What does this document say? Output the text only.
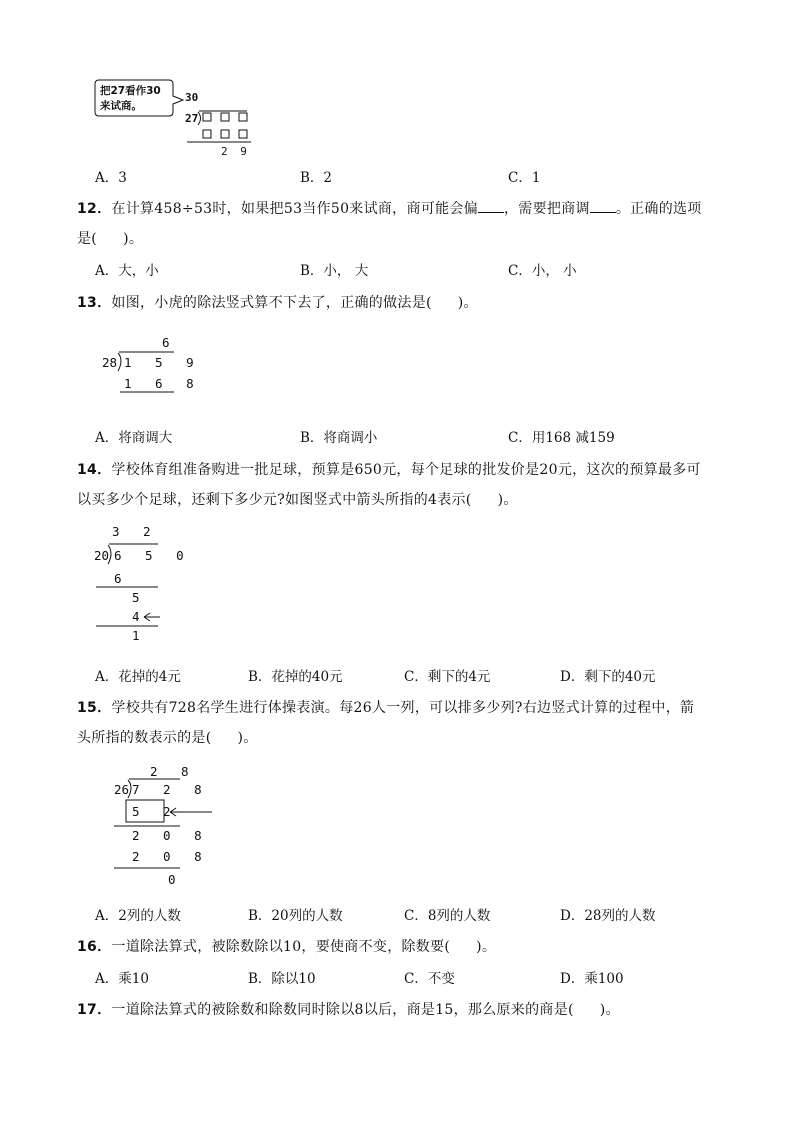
把27看作30
来试商。
30
27
2 9
A．3	B．2	C．1
12．在计算458÷53时，如果把53当作50来试商，商可能会偏 ，需要把商调 。正确的选项
是( )。
A．大，小	B．小， 大	C．小， 小
13．如图，小虎的除法竖式算不下去了，正确的做法是( )。
6
28 1 5 9
1 6 8
A．将商调大	B．将商调小	C．用168 减159
14．学校体育组准备购进一批足球，预算是650元，每个足球的批发价是20元，这次的预算最多可
以买多少个足球，还剩下多少元?如图竖式中箭头所指的4表示( )。
3 2
20 6 5 0
6
5
4
1
A．花掉的4元	B．花掉的40元	C．剩下的4元	D．剩下的40元
15．学校共有728名学生进行体操表演。每26人一列，可以排多少列?右边竖式计算的过程中，箭
头所指的数表示的是( )。
2 8
26 7 2 8
5 2
2 0 8
2 0 8
0
A．2列的人数	B．20列的人数	C．8列的人数	D．28列的人数
16．一道除法算式，被除数除以10，要使商不变，除数要( )。
A．乘10	B．除以10	C．不变	D．乘100
17．一道除法算式的被除数和除数同时除以8以后，商是15，那么原来的商是( )。
